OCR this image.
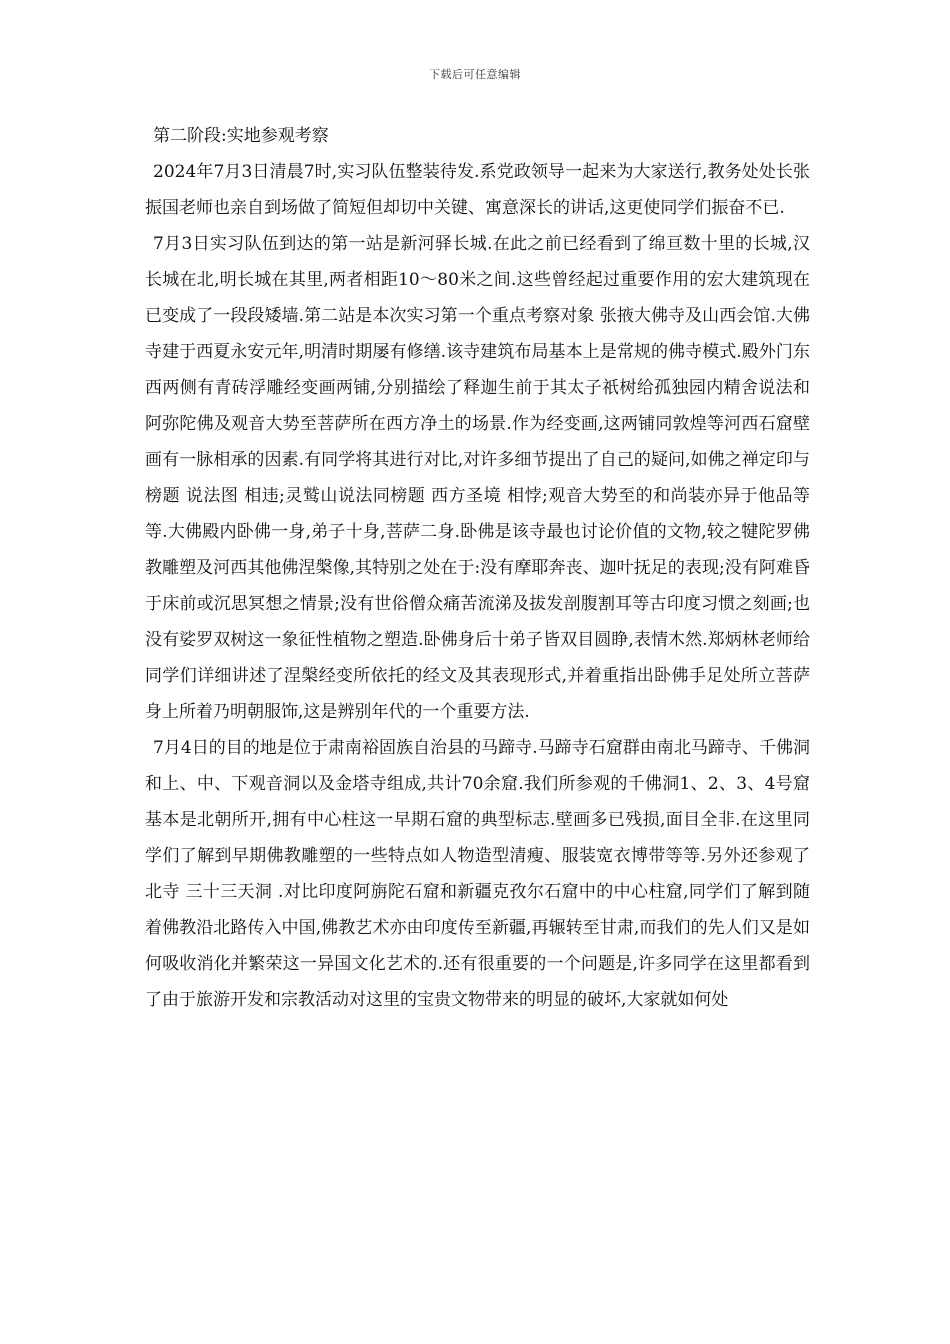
下载后可任意编辑
第二阶段:实地参观考察

2024年7月3日清晨7时,实习队伍整装待发.系党政领导一起来为大家送行,教务处处长张振国老师也亲自到场做了简短但却切中关键、寓意深长的讲话,这更使同学们振奋不已.

7月3日实习队伍到达的第一站是新河驿长城.在此之前已经看到了绵亘数十里的长城,汉长城在北,明长城在其里,两者相距10～80米之间.这些曾经起过重要作用的宏大建筑现在已变成了一段段矮墙.第二站是本次实习第一个重点考察对象 张掖大佛寺及山西会馆.大佛寺建于西夏永安元年,明清时期屡有修缮.该寺建筑布局基本上是常规的佛寺模式.殿外门东西两侧有青砖浮雕经变画两铺,分别描绘了释迦生前于其太子祇树给孤独园内精舍说法和阿弥陀佛及观音大势至菩萨所在西方净土的场景.作为经变画,这两铺同敦煌等河西石窟壁画有一脉相承的因素.有同学将其进行对比,对许多细节提出了自己的疑问,如佛之禅定印与榜题 说法图 相违;灵鹫山说法同榜题 西方圣境 相悖;观音大势至的和尚装亦异于他品等等.大佛殿内卧佛一身,弟子十身,菩萨二身.卧佛是该寺最也讨论价值的文物,较之犍陀罗佛教雕塑及河西其他佛涅槃像,其特别之处在于:没有摩耶奔丧、迦叶抚足的表现;没有阿难昏于床前或沉思冥想之情景;没有世俗僧众痛苦流涕及拔发剖腹割耳等古印度习惯之刻画;也没有娑罗双树这一象征性植物之塑造.卧佛身后十弟子皆双目圆睁,表情木然.郑炳林老师给同学们详细讲述了涅槃经变所依托的经文及其表现形式,并着重指出卧佛手足处所立菩萨身上所着乃明朝服饰,这是辨别年代的一个重要方法.

7月4日的目的地是位于肃南裕固族自治县的马蹄寺.马蹄寺石窟群由南北马蹄寺、千佛洞和上、中、下观音洞以及金塔寺组成,共计70余窟.我们所参观的千佛洞1、2、3、4号窟基本是北朝所开,拥有中心柱这一早期石窟的典型标志.壁画多已残损,面目全非.在这里同学们了解到早期佛教雕塑的一些特点如人物造型清瘦、服装宽衣博带等等.另外还参观了北寺 三十三天洞 .对比印度阿旃陀石窟和新疆克孜尔石窟中的中心柱窟,同学们了解到随着佛教沿北路传入中国,佛教艺术亦由印度传至新疆,再辗转至甘肃,而我们的先人们又是如何吸收消化并繁荣这一异国文化艺术的.还有很重要的一个问题是,许多同学在这里都看到了由于旅游开发和宗教活动对这里的宝贵文物带来的明显的破坏,大家就如何处
